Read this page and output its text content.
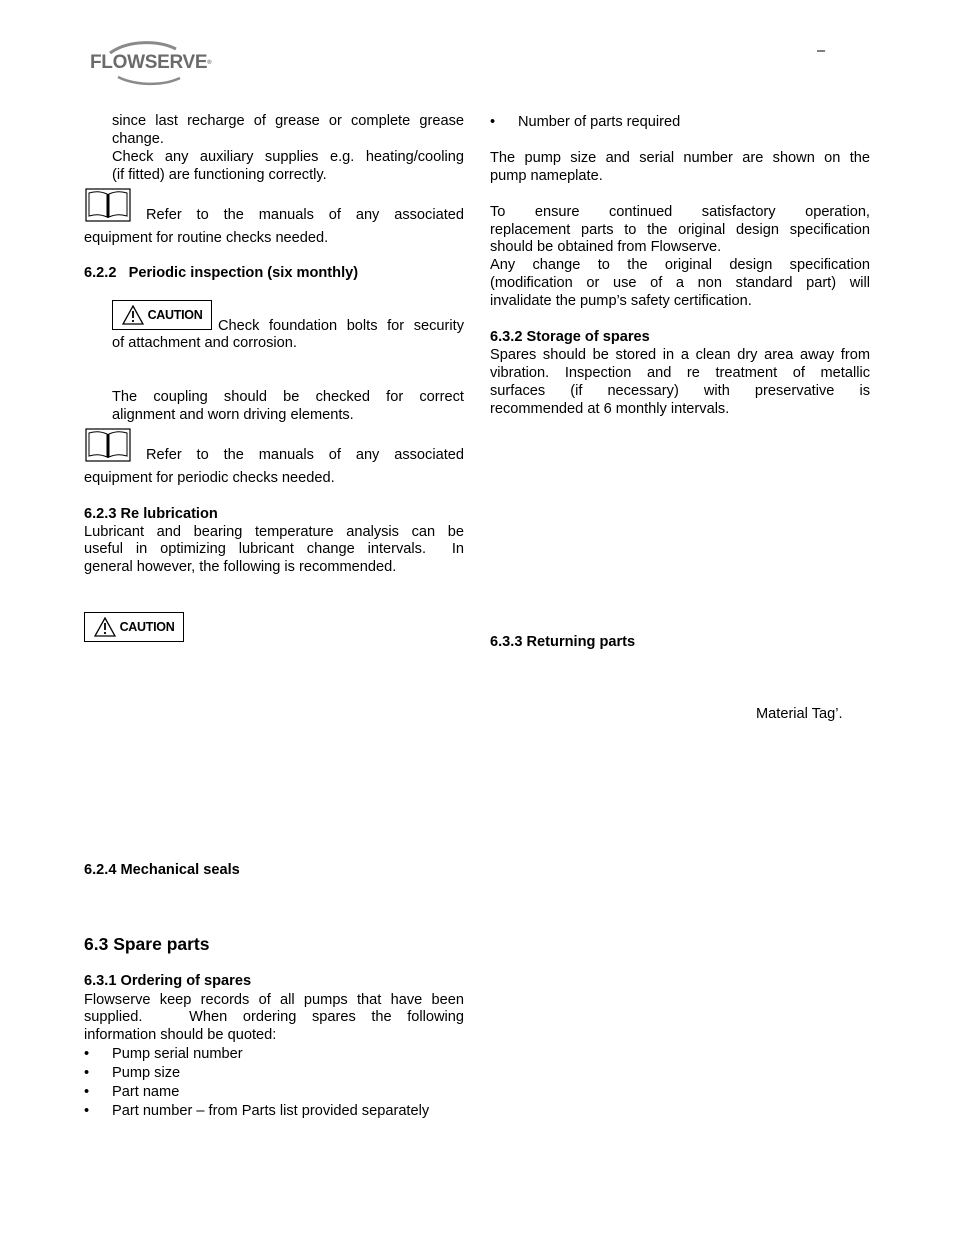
FLOWSERVE®
–
since last recharge of grease or complete grease
change.
Check any auxiliary supplies e.g. heating/cooling
(if fitted) are functioning correctly.
Refer to the manuals of any associated
equipment for routine checks needed.
6.2.2   Periodic inspection (six monthly)
CAUTION
Check foundation bolts for security
of attachment and corrosion.
The coupling should be checked for correct
alignment and worn driving elements.
Refer to the manuals of any associated
equipment for periodic checks needed.
6.2.3 Re lubrication
Lubricant and bearing temperature analysis can be
useful in optimizing lubricant change intervals.  In
general however, the following is recommended.
CAUTION
6.2.4 Mechanical seals
6.3 Spare parts
6.3.1 Ordering of spares
Flowserve keep records of all pumps that have been
supplied.   When ordering spares the following
information should be quoted:
• Pump serial number
• Pump size
• Part name
• Part number – from Parts list provided separately
• Number of parts required
The pump size and serial number are shown on the
pump nameplate.
To ensure continued satisfactory operation,
replacement parts to the original design specification
should be obtained from Flowserve.
Any change to the original design specification
(modification or use of a non standard part) will
invalidate the pump’s safety certification.
6.3.2 Storage of spares
Spares should be stored in a clean dry area away from
vibration. Inspection and re treatment of metallic
surfaces (if necessary) with preservative is
recommended at 6 monthly intervals.
6.3.3 Returning parts
Material Tag’.
